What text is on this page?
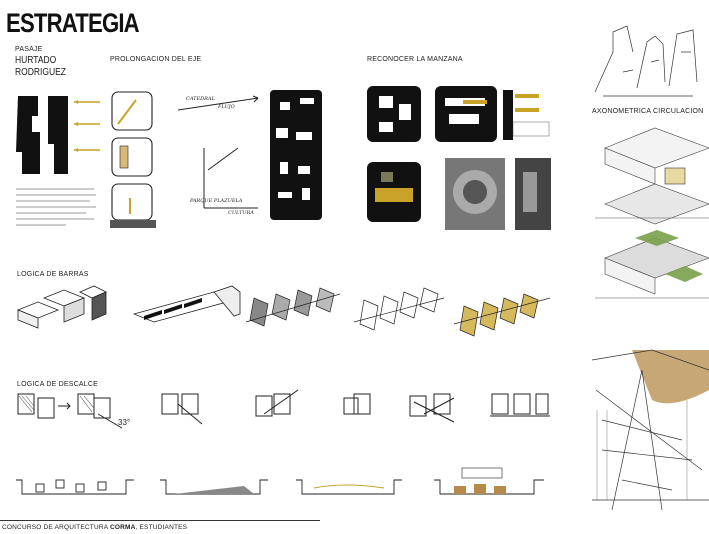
ESTRATEGIA
PASAJE
HURTADO
RODRIGUEZ
PROLONGACION DEL EJE	RECONOCER LA MANZANA
AXONOMETRICA CIRCULACION
LOGICA DE BARRAS
LOGICA DE DESCALCE
CATEDRAL
FLUJO
PARQUE PLAZUELA
CULTURA
33°
CONCURSO DE ARQUITECTURA CORMA, ESTUDIANTES
